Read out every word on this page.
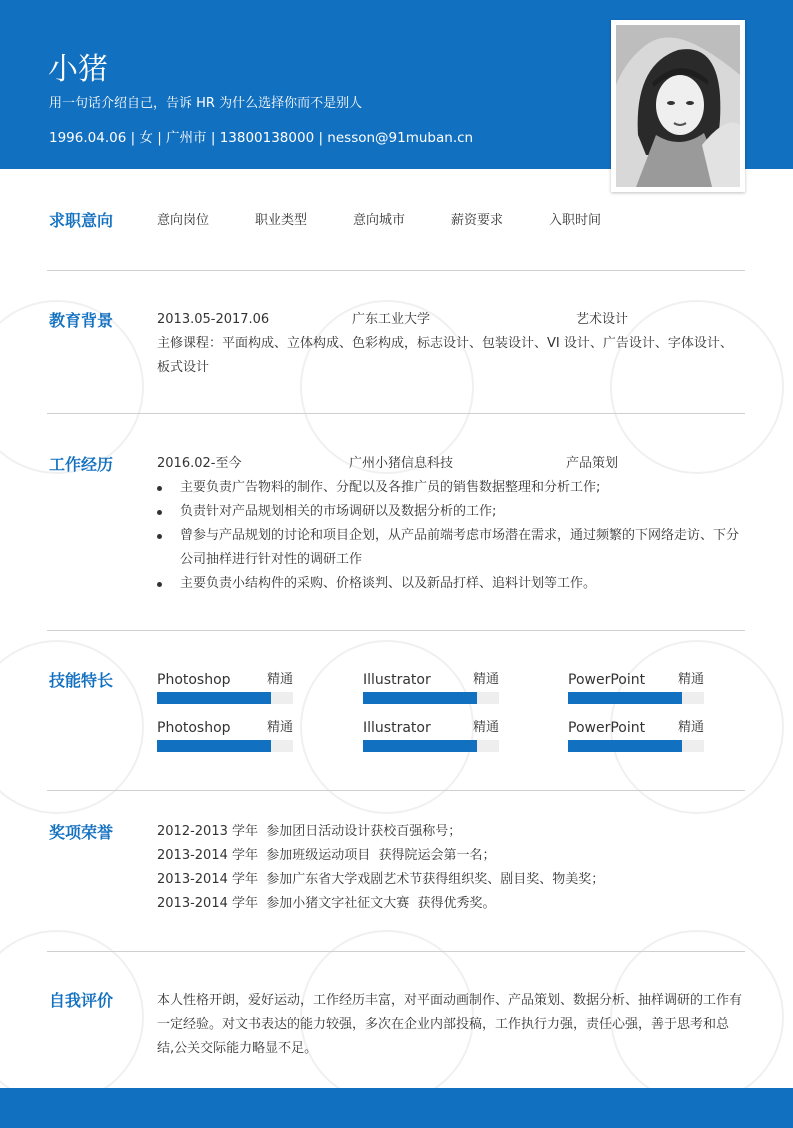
小猪
用一句话介绍自己，告诉 HR 为什么选择你而不是别人
1996.04.06 | 女 | 广州市 | 13800138000 | nesson@91muban.cn
求职意向	意向岗位	职业类型	意向城市	薪资要求	入职时间
教育背景	2013.05-2017.06	广东工业大学	艺术设计
主修课程：平面构成、立体构成、色彩构成，标志设计、包装设计、VI 设计、广告设计、字体设计、板式设计
工作经历	2016.02-至今	广州小猪信息科技	产品策划
主要负责广告物料的制作、分配以及各推广员的销售数据整理和分析工作;
负责针对产品规划相关的市场调研以及数据分析的工作;
曾参与产品规划的讨论和项目企划，从产品前端考虑市场潜在需求，通过频繁的下网络走访、下分公司抽样进行针对性的调研工作
主要负责小结构件的采购、价格谈判、以及新品打样、追料计划等工作。
技能特长	Photoshop	精通	Illustrator	精通	PowerPoint	精通
Photoshop	精通	Illustrator	精通	PowerPoint	精通
奖项荣誉	2012-2013 学年  参加团日活动设计获校百强称号；
2013-2014 学年  参加班级运动项目  获得院运会第一名；
2013-2014 学年  参加广东省大学戏剧艺术节获得组织奖、剧目奖、物美奖；
2013-2014 学年  参加小猪文字社征文大赛  获得优秀奖。
自我评价	本人性格开朗，爱好运动，工作经历丰富，对平面动画制作、产品策划、数据分析、抽样调研的工作有一定经验。对文书表达的能力较强，多次在企业内部投稿，工作执行力强，责任心强，善于思考和总结,公关交际能力略显不足。
